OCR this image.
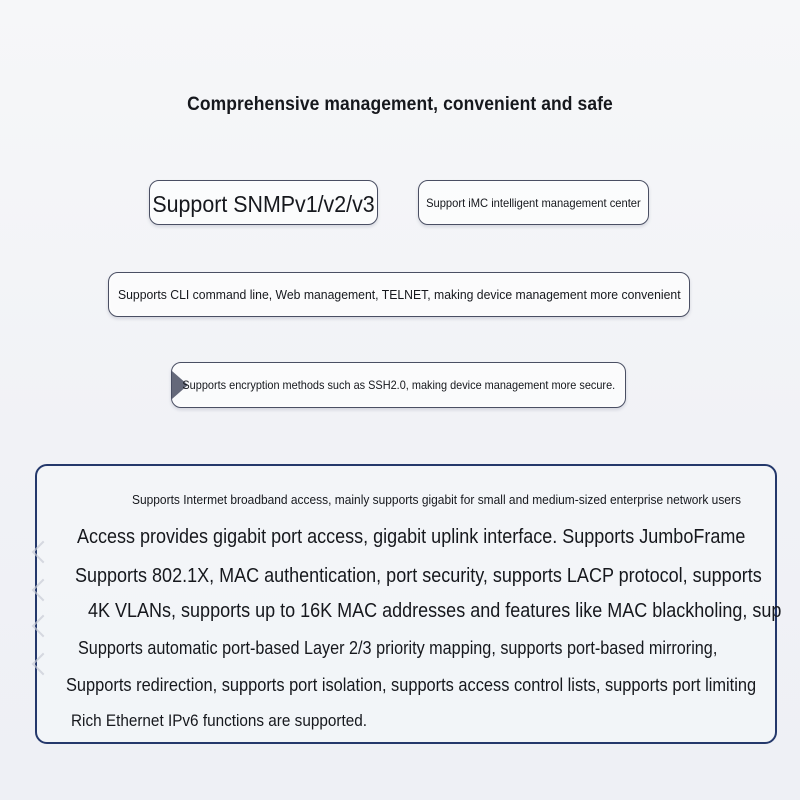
Comprehensive management, convenient and safe
Support SNMPv1/v2/v3	Support iMC intelligent management center
Supports CLI command line, Web management, TELNET, making device management more convenient
Supports encryption methods such as SSH2.0, making device management more secure.
Supports Intermet broadband access, mainly supports gigabit for small and medium-sized enterprise network users
Access provides gigabit port access, gigabit uplink interface. Supports JumboFrame
Supports 802.1X, MAC authentication, port security, supports LACP protocol, supports
4K VLANs, supports up to 16K MAC addresses and features like MAC blackholing, sup
Supports automatic port-based Layer 2/3 priority mapping, supports port-based mirroring,
Supports redirection, supports port isolation, supports access control lists, supports port limiting
Rich Ethernet IPv6 functions are supported.
